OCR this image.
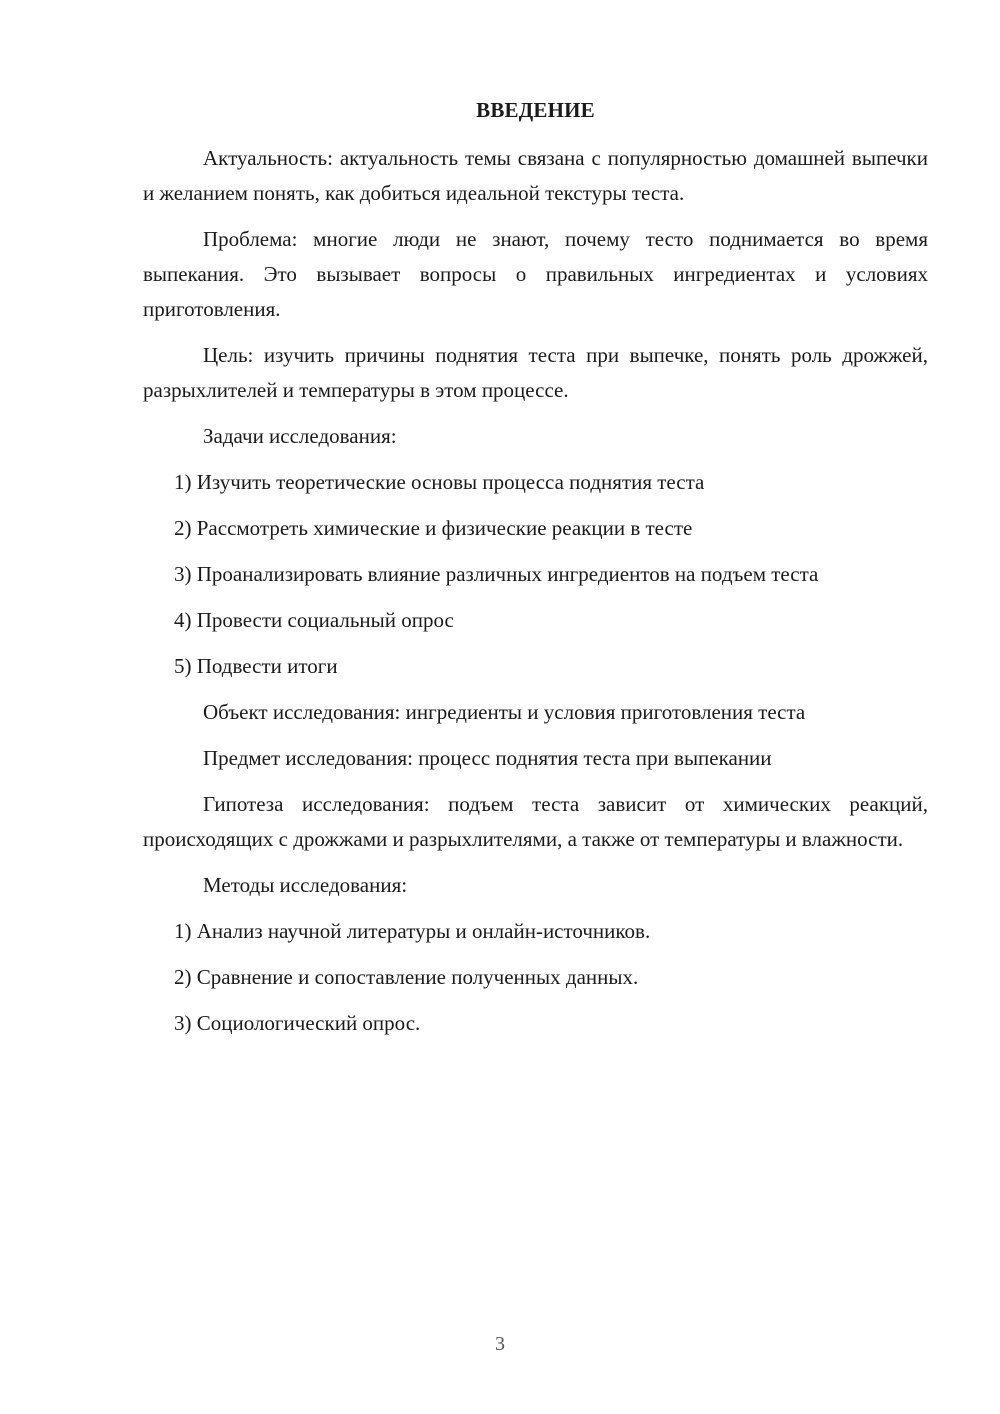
ВВЕДЕНИЕ
Актуальность: актуальность темы связана с популярностью домашней выпечки и желанием понять, как добиться идеальной текстуры теста.
Проблема: многие люди не знают, почему тесто поднимается во время выпекания. Это вызывает вопросы о правильных ингредиентах и условиях приготовления.
Цель: изучить причины поднятия теста при выпечке, понять роль дрожжей, разрыхлителей и температуры в этом процессе.
Задачи исследования:
1) Изучить теоретические основы процесса поднятия теста
2) Рассмотреть химические и физические реакции в тесте
3) Проанализировать влияние различных ингредиентов на подъем теста
4) Провести социальный опрос
5) Подвести итоги
Объект исследования: ингредиенты и условия приготовления теста
Предмет исследования: процесс поднятия теста при выпекании
Гипотеза исследования: подъем теста зависит от химических реакций, происходящих с дрожжами и разрыхлителями, а также от температуры и влажности.
Методы исследования:
1) Анализ научной литературы и онлайн-источников.
2) Сравнение и сопоставление полученных данных.
3) Социологический опрос.
3
